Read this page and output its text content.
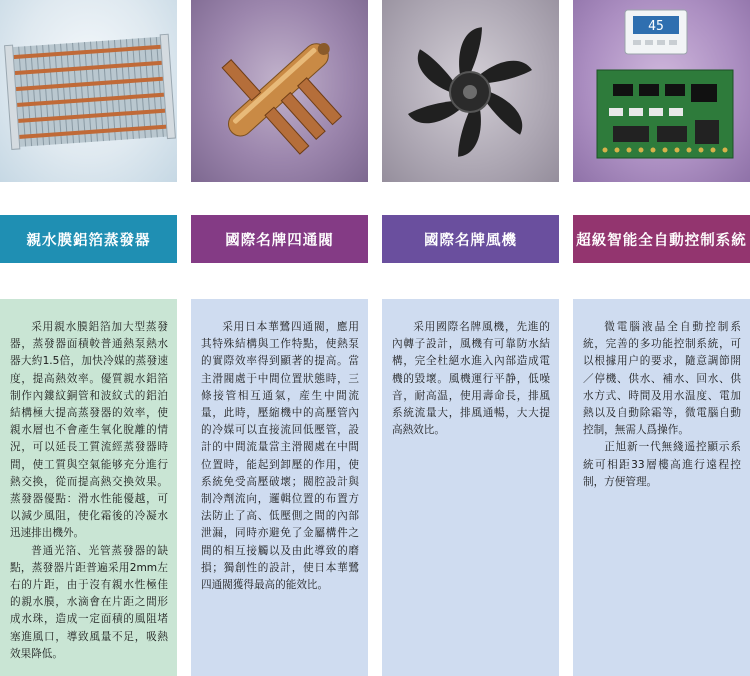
親水膜鋁箔蒸發器

采用親水膜鋁箔加大型蒸發器，蒸發器面積較普通熱泵熱水器大約1.5倍，加快冷媒的蒸發速度，提高熱效率。優質親水鋁箔制作內鏤紋銅管和波紋式的鋁泊結構極大提高蒸發器的效率，使親水層也不會產生氧化脫離的情況，可以延長工質流經蒸發器時間，使工質與空氣能够充分進行熱交換，從而提高熱交換效果。蒸發器優點：滑水性能優越，可以減少風阻，使化霜後的冷凝水迅速排出機外。

普通光箔、光管蒸發器的缺點，蒸發器片距普遍采用2mm左右的片距，由于沒有親水性極佳的親水膜，水滴會在片距之間形成水珠，造成一定面積的風阻堵塞進風口，導致風量不足，吸熱效果降低。

國際名牌四通閥

采用日本華鷺四通閥，應用其特殊結構與工作特點，使熱泵的實際效率得到顯著的提高。當主滑閥處于中間位置狀態時，三條接管相互通氣，産生中間流量，此時，壓縮機中的高壓管內的冷媒可以直接流回低壓管，設計的中間流量當主滑閥處在中間位置時，能起到卸壓的作用，使系統免受高壓破壞；閥腔設計與制冷劑流向，邏輯位置的布置方法防止了高、低壓側之間的內部泄漏，同時亦避免了金屬構件之間的相互接觸以及由此導致的磨損；獨創性的設計，使日本華鷺四通閥獲得最高的能效比。

國際名牌風機

采用國際名牌風機，先進的內轉子設計，風機有可靠防水結構，完全杜絕水進入內部造成電機的毀壞。風機運行平静，低噪音，耐高温，使用壽命長，排風系統流量大，排風通暢，大大提高熱效比。

45
超級智能全自動控制系統

微電腦液晶全自動控制系統，完善的多功能控制系統，可以根據用户的要求，隨意調節開／停機、供水、補水、回水、供水方式、時間及用水温度、電加熱以及自動除霜等，微電腦自動控制，無需人爲操作。

正旭新一代無綫遥控顯示系統可相距33層樓高進行遠程控制，方便管理。
